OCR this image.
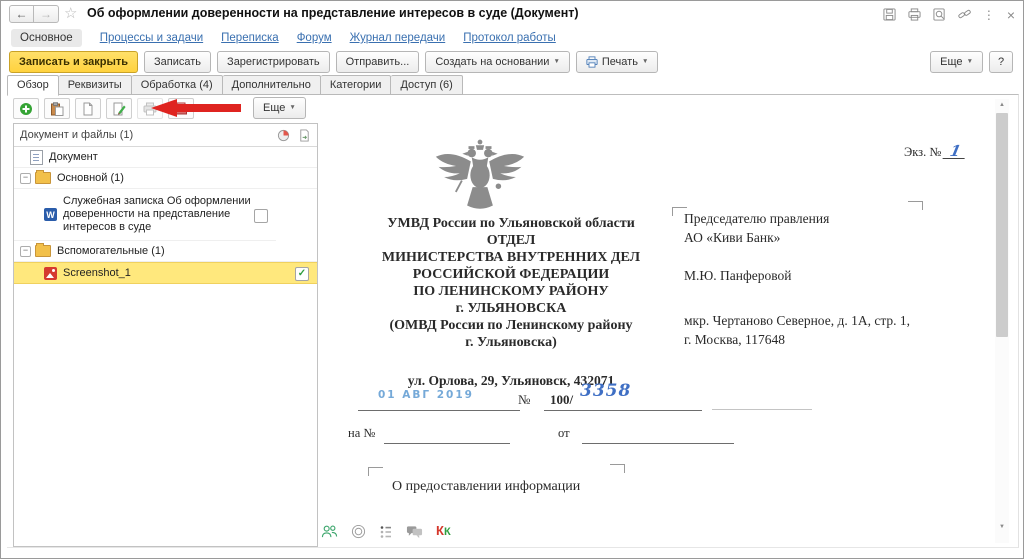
←	→ ☆ Об оформлении доверенности на представление интересов в суде (Документ)	⋮ ×
Основное	Процессы и задачи Переписка Форум Журнал передачи Протокол работы
Записать и закрыть	Записать	Зарегистрировать	Отправить...	Создать на основании ▼	Печать ▼	Еще ▼	?
Обзор	Реквизиты	Обработка (4)	Дополнительно	Категории	Доступ (6)
Еще ▼
Документ и файлы (1)
Документ
−	Основной (1)
W
Служебная записка Об оформлении доверенности на представление интересов в суде
−	Вспомогательные (1)
Screenshot_1	✓
Экз. № 1
УМВД России по Ульяновской области
ОТДЕЛ
МИНИСТЕРСТВА ВНУТРЕННИХ ДЕЛ
РОССИЙСКОЙ ФЕДЕРАЦИИ
ПО ЛЕНИНСКОМУ РАЙОНУ
г. УЛЬЯНОВСКА
(ОМВД России по Ленинскому району
г. Ульяновска)
ул. Орлова, 29, Ульяновск, 432071
Председателю правления
АО «Киви Банк»
М.Ю. Панферовой
мкр. Чертаново Северное, д. 1А, стр. 1,
г. Москва, 117648
01 АВГ 2019	№ 100/ 3358
на №	от
О предоставлении информации
▲
▼
КК
